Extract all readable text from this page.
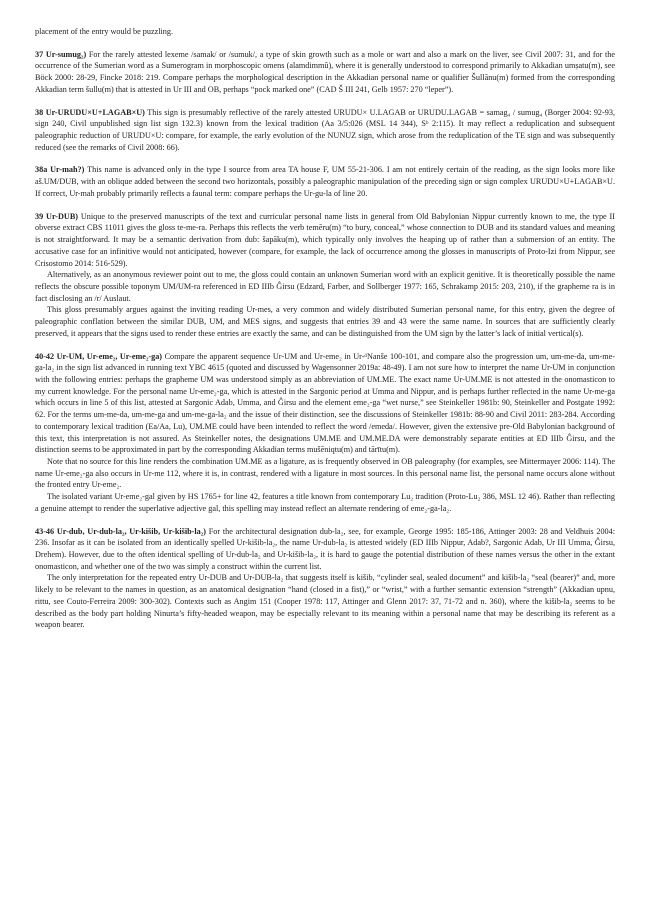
placement of the entry would be puzzling.

37 Ur-sumug₂) For the rarely attested lexeme /samak/ or /sumuk/, a type of skin growth such as a mole or wart and also a mark on the liver, see Civil 2007: 31, and for the occurrence of the Sumerian word as a Sumerogram in morphoscopic omens (alamdimmû), where it is generally understood to correspond primarily to Akkadian umṣatu(m), see Böck 2000: 28-29, Fincke 2018: 219. Compare perhaps the morphological description in the Akkadian personal name or qualifier Šullānu(m) formed from the corresponding Akkadian term šullu(m) that is attested in Ur III and OB, perhaps “pock marked one” (CAD Š III 241, Gelb 1957: 270 “leper”).

38 Ur-URUDU×U+LAGAB×U) This sign is presumably reflective of the rarely attested URUDU× U.LAGAB or URUDU.LAGAB = samag₄ / sumug₄ (Borger 2004: 92-93, sign 240, Civil unpublished sign list sign 132.3) known from the lexical tradition (Aa 3/5:026 (MSL 14 344), Sᵇ 2:115). It may reflect a reduplication and subsequent paleographic reduction of URUDU×U: compare, for example, the early evolution of the NUNUZ sign, which arose from the reduplication of the TE sign and was subsequently reduced (see the remarks of Civil 2008: 66).

38a Ur-mah?) This name is advanced only in the type I source from area TA house F, UM 55-21-306. I am not entirely certain of the reading, as the sign looks more like aš.UM/DUB, with an oblique added between the second two horizontals, possibly a paleographic manipulation of the preceding sign or sign complex URUDU×U+LAGAB×U. If correct, Ur-mah probably primarily reflects a faunal term: compare perhaps the Ur-gu-la of line 20.

39 Ur-DUB) Unique to the preserved manuscripts of the text and curricular personal name lists in general from Old Babylonian Nippur currently known to me, the type II obverse extract CBS 11011 gives the gloss te-me-ra. Perhaps this reflects the verb temēru(m) “to bury, conceal,” whose connection to DUB and its standard values and meaning is not straightforward. It may be a semantic derivation from dub: šapāku(m), which typically only involves the heaping up of rather than a submersion of an entity. The accusative case for an infinitive would not anticipated, however (compare, for example, the lack of occurrence among the glosses in manuscripts of Proto-Izi from Nippur, see Crisostomo 2014: 516-529).

Alternatively, as an anonymous reviewer point out to me, the gloss could contain an unknown Sumerian word with an explicit genitive. It is theoretically possible the name reflects the obscure possible toponym UM/UM-ra referenced in ED IIIb Ĝirsu (Edzard, Farber, and Sollberger 1977: 165, Schrakamp 2015: 203, 210), if the grapheme ra is in fact disclosing an /r/ Auslaut.

This gloss presumably argues against the inviting reading Ur-mes, a very common and widely distributed Sumerian personal name, for this entry, given the degree of paleographic conflation between the similar DUB, UM, and MES signs, and suggests that entries 39 and 43 were the same name. In sources that are sufficiently clearly preserved, it appears that the signs used to render these entries are exactly the same, and can be distinguished from the UM sign by the latter’s lack of initial vertical(s).

40-42 Ur-UM, Ur-eme₂, Ur-eme₂-ga) Compare the apparent sequence Ur-UM and Ur-eme₂ in Ur-ᵈNanše 100-101, and compare also the progression um, um-me-da, um-me-ga-la₂ in the sign list advanced in running text YBC 4615 (quoted and discussed by Wagensonner 2019a: 48-49). I am not sure how to interpret the name Ur-UM in conjunction with the following entries: perhaps the grapheme UM was understood simply as an abbreviation of UM.ME. The exact name Ur-UM.ME is not attested in the onomasticon to my current knowledge. For the personal name Ur-eme₂-ga, which is attested in the Sargonic period at Umma and Nippur, and is perhaps further reflected in the name Ur-me-ga which occurs in line 5 of this list, attested at Sargonic Adab, Umma, and Ĝirsu and the element eme₂-ga “wet nurse,” see Steinkeller 1981b: 90, Steinkeller and Postgate 1992: 62. For the terms um-me-da, um-me-ga and um-me-ga-la₂ and the issue of their distinction, see the discussions of Steinkeller 1981b: 88-90 and Civil 2011: 283-284. According to contemporary lexical tradition (Ea/Aa, Lu), UM.ME could have been intended to reflect the word /emeda/. However, given the extensive pre-Old Babylonian background of this text, this interpretation is not assured. As Steinkeller notes, the designations UM.ME and UM.ME.DA were demonstrably separate entities at ED IIIb Ĝirsu, and the distinction seems to be approximated in part by the corresponding Akkadian terms mušēniqtu(m) and tārītu(m).

Note that no source for this line renders the combination UM.ME as a ligature, as is frequently observed in OB paleography (for examples, see Mittermayer 2006: 114). The name Ur-eme₂-ga also occurs in Ur-me 112, where it is, in contrast, rendered with a ligature in most sources. In this personal name list, the personal name occurs alone without the fronted entry Ur-eme₂.

The isolated variant Ur-eme₂-gal given by HS 1765+ for line 42, features a title known from contemporary Lu₂ tradition (Proto-Lu₂ 386, MSL 12 46). Rather than reflecting a genuine attempt to render the superlative adjective gal, this spelling may instead reflect an alternate rendering of eme₂-ga-la₂.

43-46 Ur-dub, Ur-dub-la₂, Ur-kišib, Ur-kišib-la₂) For the architectural designation dub-la₂, see, for example, George 1995: 185-186, Attinger 2003: 28 and Veldhuis 2004: 236. Insofar as it can be isolated from an identically spelled Ur-kišib-la₂, the name Ur-dub-la₂ is attested widely (ED IIIb Nippur, Adab?, Sargonic Adab, Ur III Umma, Ĝirsu, Drehem). However, due to the often identical spelling of Ur-dub-la₂ and Ur-kišib-la₂, it is hard to gauge the potential distribution of these names versus the other in the extant onomasticon, and whether one of the two was simply a construct within the current list.

The only interpretation for the repeated entry Ur-DUB and Ur-DUB-la₂ that suggests itself is kišib, “cylinder seal, sealed document” and kišib-la₂ “seal (bearer)” and, more likely to be relevant to the names in question, as an anatomical designation “hand (closed in a fist),” or “wrist,” with a further semantic extension “strength” (Akkadian upnu, rittu, see Couto-Ferreira 2009: 300-302). Contexts such as Angim 151 (Cooper 1978: 117, Attinger and Glenn 2017: 37, 71-72 and n. 360), where the kišib-la₂ seems to be described as the body part holding Ninurta’s fifty-headed weapon, may be especially relevant to its meaning within a personal name that may be describing its referent as a weapon bearer.
